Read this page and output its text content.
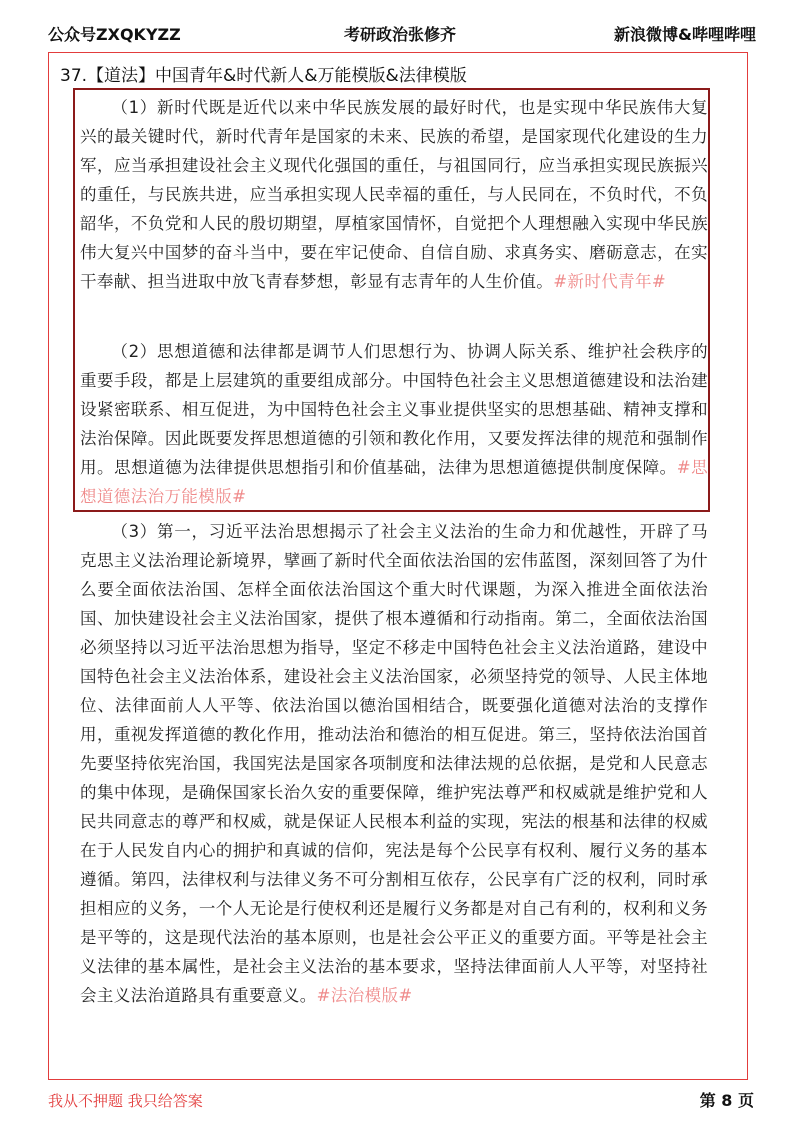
公众号ZXQKYZZ	考研政治张修齐	新浪微博&哔哩哔哩
37.【道法】中国青年&时代新人&万能模版&法律模版

（1）新时代既是近代以来中华民族发展的最好时代，也是实现中华民族伟大复兴的最关键时代，新时代青年是国家的未来、民族的希望，是国家现代化建设的生力军，应当承担建设社会主义现代化强国的重任，与祖国同行，应当承担实现民族振兴的重任，与民族共进，应当承担实现人民幸福的重任，与人民同在，不负时代，不负韶华，不负党和人民的殷切期望，厚植家国情怀，自觉把个人理想融入实现中华民族伟大复兴中国梦的奋斗当中，要在牢记使命、自信自励、求真务实、磨砺意志，在实干奉献、担当进取中放飞青春梦想，彰显有志青年的人生价值。#新时代青年#

（2）思想道德和法律都是调节人们思想行为、协调人际关系、维护社会秩序的重要手段，都是上层建筑的重要组成部分。中国特色社会主义思想道德建设和法治建设紧密联系、相互促进，为中国特色社会主义事业提供坚实的思想基础、精神支撑和法治保障。因此既要发挥思想道德的引领和教化作用，又要发挥法律的规范和强制作用。思想道德为法律提供思想指引和价值基础，法律为思想道德提供制度保障。#思想道德法治万能模版#

（3）第一，习近平法治思想揭示了社会主义法治的生命力和优越性，开辟了马克思主义法治理论新境界，擘画了新时代全面依法治国的宏伟蓝图，深刻回答了为什么要全面依法治国、怎样全面依法治国这个重大时代课题，为深入推进全面依法治国、加快建设社会主义法治国家，提供了根本遵循和行动指南。第二，全面依法治国必须坚持以习近平法治思想为指导，坚定不移走中国特色社会主义法治道路，建设中国特色社会主义法治体系，建设社会主义法治国家，必须坚持党的领导、人民主体地位、法律面前人人平等、依法治国以德治国相结合，既要强化道德对法治的支撑作用，重视发挥道德的教化作用，推动法治和德治的相互促进。第三，坚持依法治国首先要坚持依宪治国，我国宪法是国家各项制度和法律法规的总依据，是党和人民意志的集中体现，是确保国家长治久安的重要保障，维护宪法尊严和权威就是维护党和人民共同意志的尊严和权威，就是保证人民根本利益的实现，宪法的根基和法律的权威在于人民发自内心的拥护和真诚的信仰，宪法是每个公民享有权利、履行义务的基本遵循。第四，法律权利与法律义务不可分割相互依存，公民享有广泛的权利，同时承担相应的义务，一个人无论是行使权利还是履行义务都是对自己有利的，权利和义务是平等的，这是现代法治的基本原则，也是社会公平正义的重要方面。平等是社会主义法律的基本属性，是社会主义法治的基本要求，坚持法律面前人人平等，对坚持社会主义法治道路具有重要意义。#法治模版#

我从不押题 我只给答案	第 8 页
